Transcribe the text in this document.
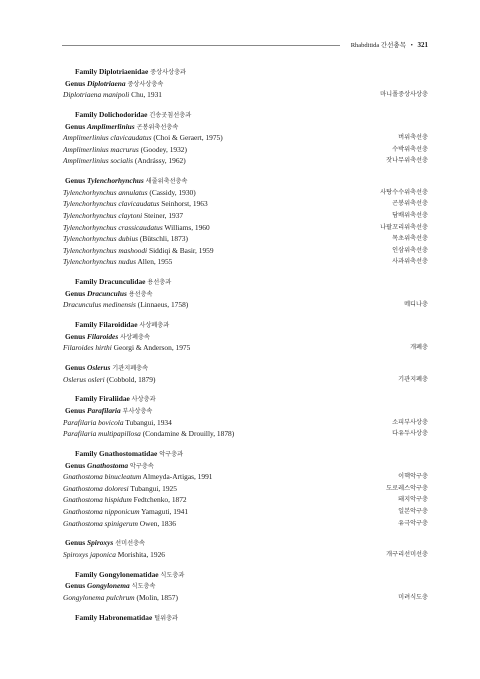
Rhabditida 간선충목 • 321
Family Diplotriaenidae 중상사상충과
Genus Diplotriaena 중상사상충속
Diplotriaena manipoli Chu, 1931	마니폴중상사상충
Family Dolichodoridae 긴송곳침선충과
Genus Amplimerlinius 곤봉위축선충속
Amplimerlinius clavicaudatus (Choi & Geraert, 1975)	버위축선충
Amplimerlinius macrurus (Goodey, 1932)	수박위축선충
Amplimerlinius socialis (Andrássy, 1962)	잣나무위축선충
Genus Tylenchorhynchus 새줄위축선충속
Tylenchorhynchus annulatus (Cassidy, 1930)	사탕수수위축선충
Tylenchorhynchus clavicaudatus Seinhorst, 1963	곤봉위축선충
Tylenchorhynchus claytoni Steiner, 1937	담배위축선충
Tylenchorhynchus crassicaudatus Williams, 1960	나팔꼬리위축선충
Tylenchorhynchus dubius (Bütschli, 1873)	목초위축선충
Tylenchorhynchus mashoodi Siddiqi & Basir, 1959	인삼위축선충
Tylenchorhynchus nudus Allen, 1955	사과위축선충
Family Dracunculidae 용선충과
Genus Dracunculus 용선충속
Dracunculus medinensis (Linnaeus, 1758)	메디나충
Family Filaroididae 사상폐충과
Genus Filaroides 사상폐충속
Filaroides hirthi Georgi & Anderson, 1975	개폐충
Genus Oslerus 기관지폐충속
Oslerus osleri (Cobbold, 1879)	기관지폐충
Family Firaliidae 사상충과
Genus Parafilaria 부사상충속
Parafilaria bovicola Tubangui, 1934	소피부사상충
Parafilaria multipapillosa (Condamine & Drouilly, 1878)	다유두사상충
Family Gnathostomatidae 악구충과
Genus Gnathostoma 악구충속
Gnathostoma binucleatum Almeyda-Artigas, 1991	이핵악구충
Gnathostoma doloresi Tubangui, 1925	도로레스악구충
Gnathostoma hispidum Fedtchenko, 1872	돼지악구충
Gnathostoma nipponicum Yamaguti, 1941	일본악구충
Gnathostoma spinigerum Owen, 1836	유극악구충
Genus Spiroxys 선미선충속
Spiroxys japonica Morishita, 1926	개구리선미선충
Family Gongylonematidae 식도충과
Genus Gongylonema 식도충속
Gongylonema pulchrum (Molin, 1857)	미려식도충
Family Habronematidae 털위충과
